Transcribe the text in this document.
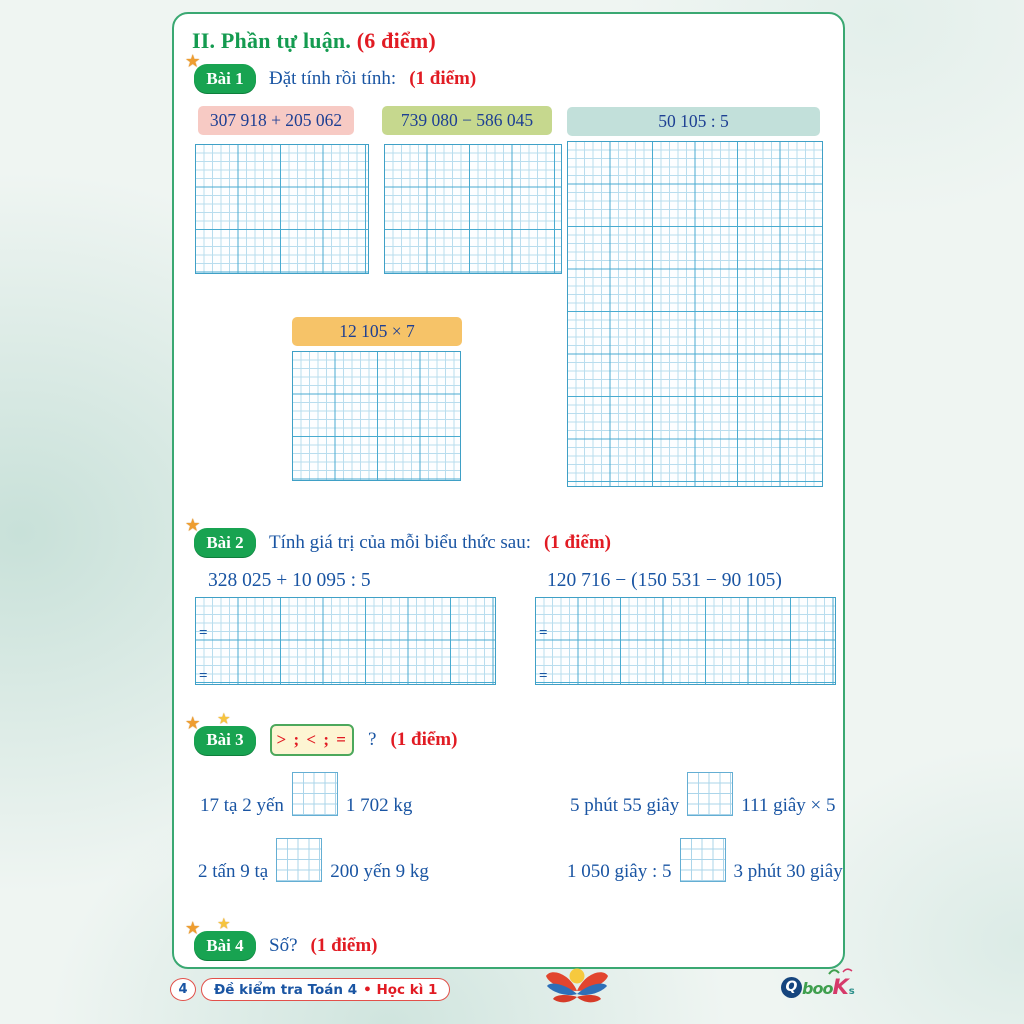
II. Phần tự luận. (6 điểm)
★
Bài 1 Đặt tính rồi tính: (1 điểm)
307 918 + 205 062	739 080 − 586 045	50 105 : 5
12 105 × 7
★
Bài 2 Tính giá trị của mỗi biểu thức sau: (1 điểm)
328 025 + 10 095 : 5	120 716 − (150 531 − 90 105)
=
=
=
=
★ ★
Bài 3 > ; < ; = ? (1 điểm)
17 tạ 2 yến	1 702 kg	5 phút 55 giây	111 giây × 5
2 tấn 9 tạ	200 yến 9 kg	1 050 giây : 5	3 phút 30 giây
★ ★
Bài 4 Số? (1 điểm)
4 Đề kiểm tra Toán 4 • Học kì 1	Q boo K s
